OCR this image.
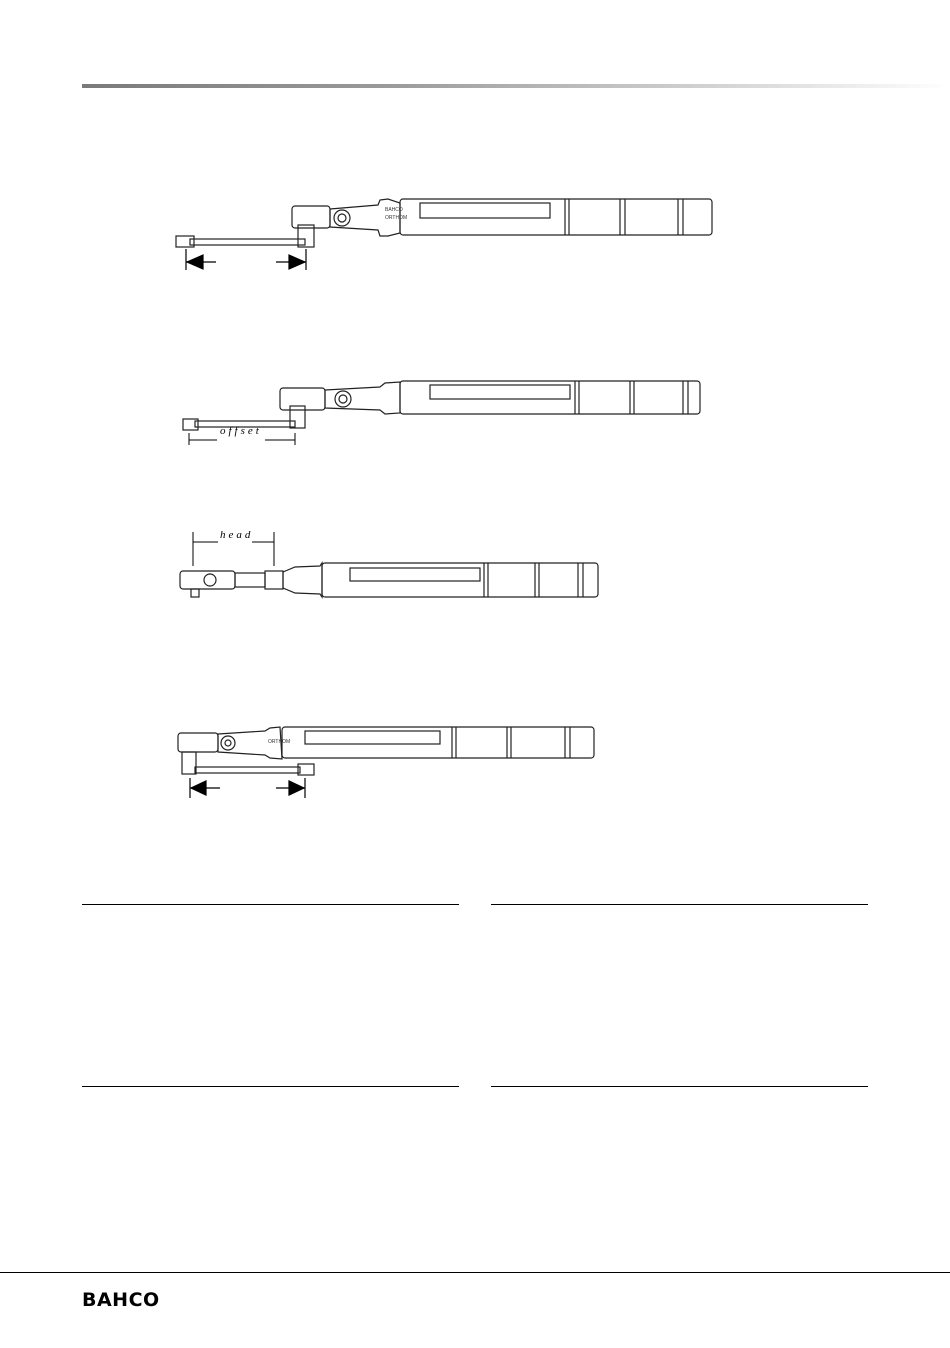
BAHCO
ORTHOM
offset
head
ORTHOM
BAHCO
